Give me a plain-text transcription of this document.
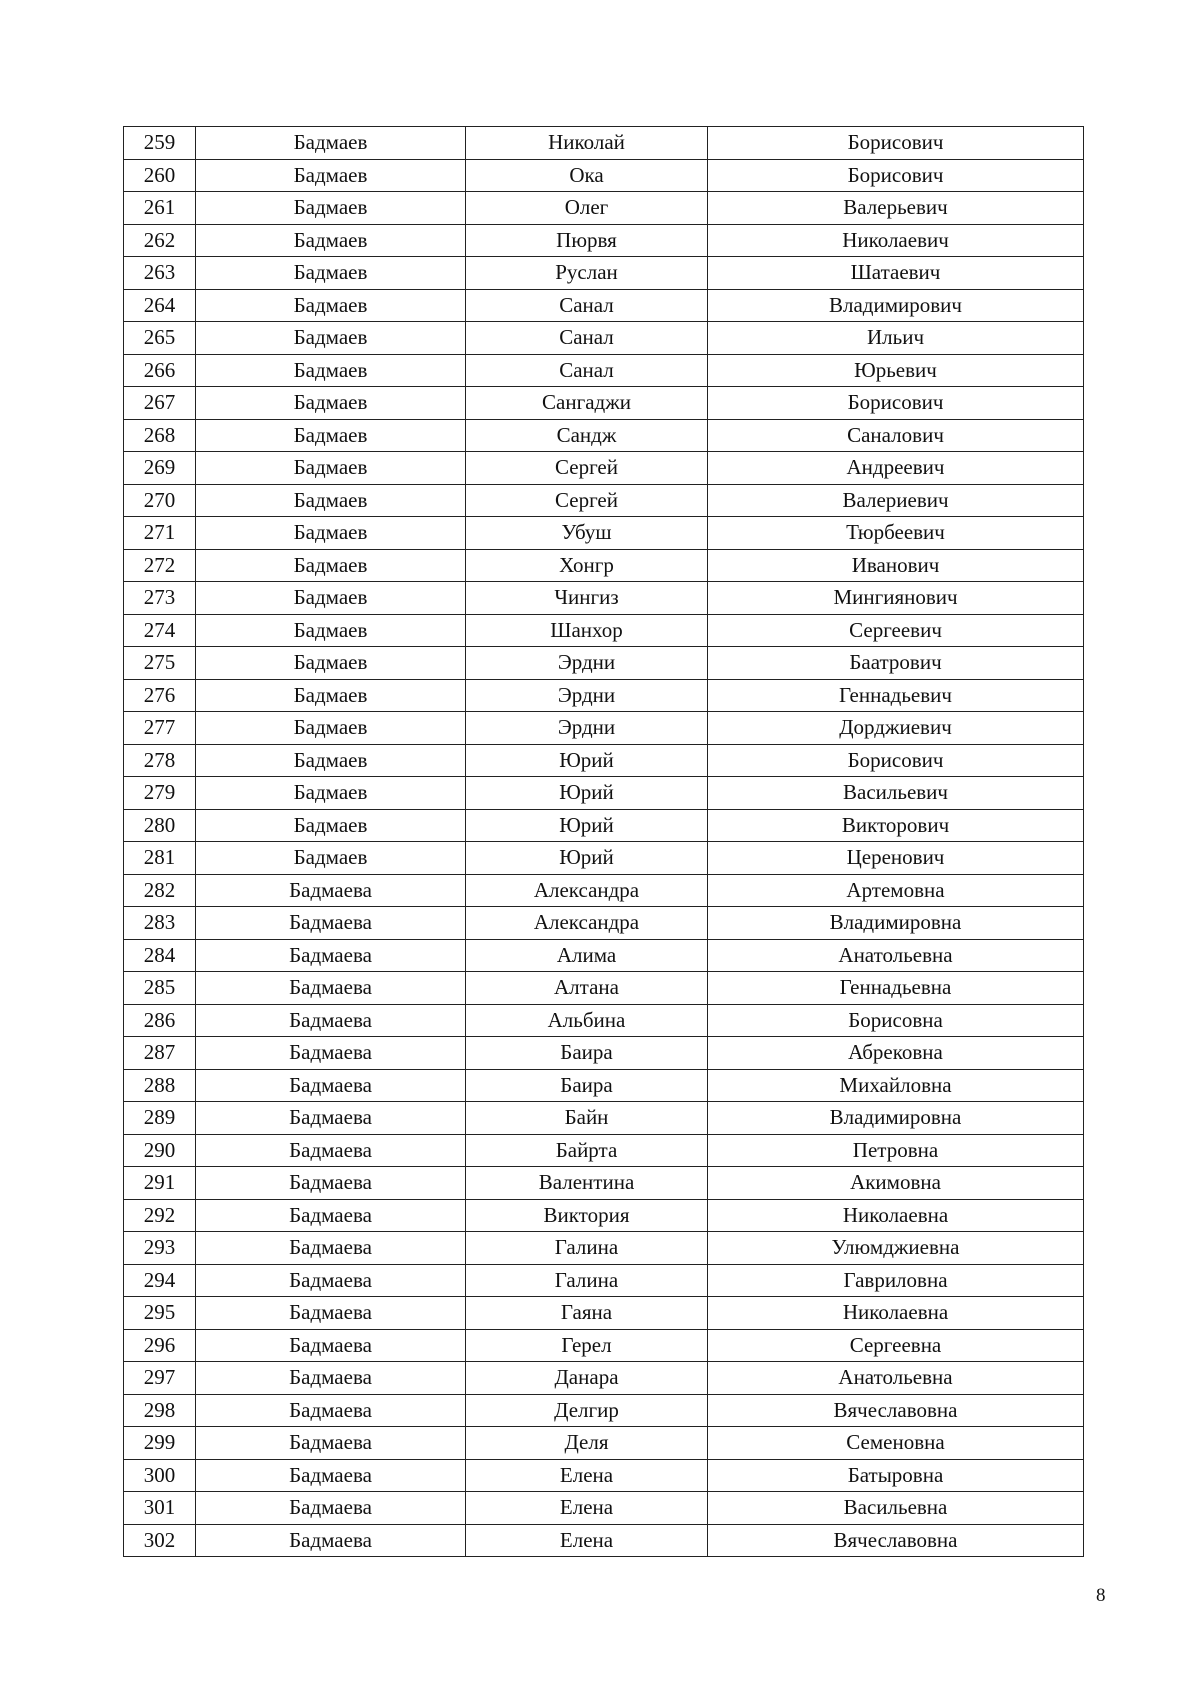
259	Бадмаев	Николай	Борисович
260	Бадмаев	Ока	Борисович
261	Бадмаев	Олег	Валерьевич
262	Бадмаев	Пюрвя	Николаевич
263	Бадмаев	Руслан	Шатаевич
264	Бадмаев	Санал	Владимирович
265	Бадмаев	Санал	Ильич
266	Бадмаев	Санал	Юрьевич
267	Бадмаев	Сангаджи	Борисович
268	Бадмаев	Сандж	Саналович
269	Бадмаев	Сергей	Андреевич
270	Бадмаев	Сергей	Валериевич
271	Бадмаев	Убуш	Тюрбеевич
272	Бадмаев	Хонгр	Иванович
273	Бадмаев	Чингиз	Мингиянович
274	Бадмаев	Шанхор	Сергеевич
275	Бадмаев	Эрдни	Баатрович
276	Бадмаев	Эрдни	Геннадьевич
277	Бадмаев	Эрдни	Дорджиевич
278	Бадмаев	Юрий	Борисович
279	Бадмаев	Юрий	Васильевич
280	Бадмаев	Юрий	Викторович
281	Бадмаев	Юрий	Церенович
282	Бадмаева	Александра	Артемовна
283	Бадмаева	Александра	Владимировна
284	Бадмаева	Алима	Анатольевна
285	Бадмаева	Алтана	Геннадьевна
286	Бадмаева	Альбина	Борисовна
287	Бадмаева	Баира	Абрековна
288	Бадмаева	Баира	Михайловна
289	Бадмаева	Байн	Владимировна
290	Бадмаева	Байрта	Петровна
291	Бадмаева	Валентина	Акимовна
292	Бадмаева	Виктория	Николаевна
293	Бадмаева	Галина	Улюмджиевна
294	Бадмаева	Галина	Гавриловна
295	Бадмаева	Гаяна	Николаевна
296	Бадмаева	Герел	Сергеевна
297	Бадмаева	Данара	Анатольевна
298	Бадмаева	Делгир	Вячеславовна
299	Бадмаева	Деля	Семеновна
300	Бадмаева	Елена	Батыровна
301	Бадмаева	Елена	Васильевна
302	Бадмаева	Елена	Вячеславовна
8
